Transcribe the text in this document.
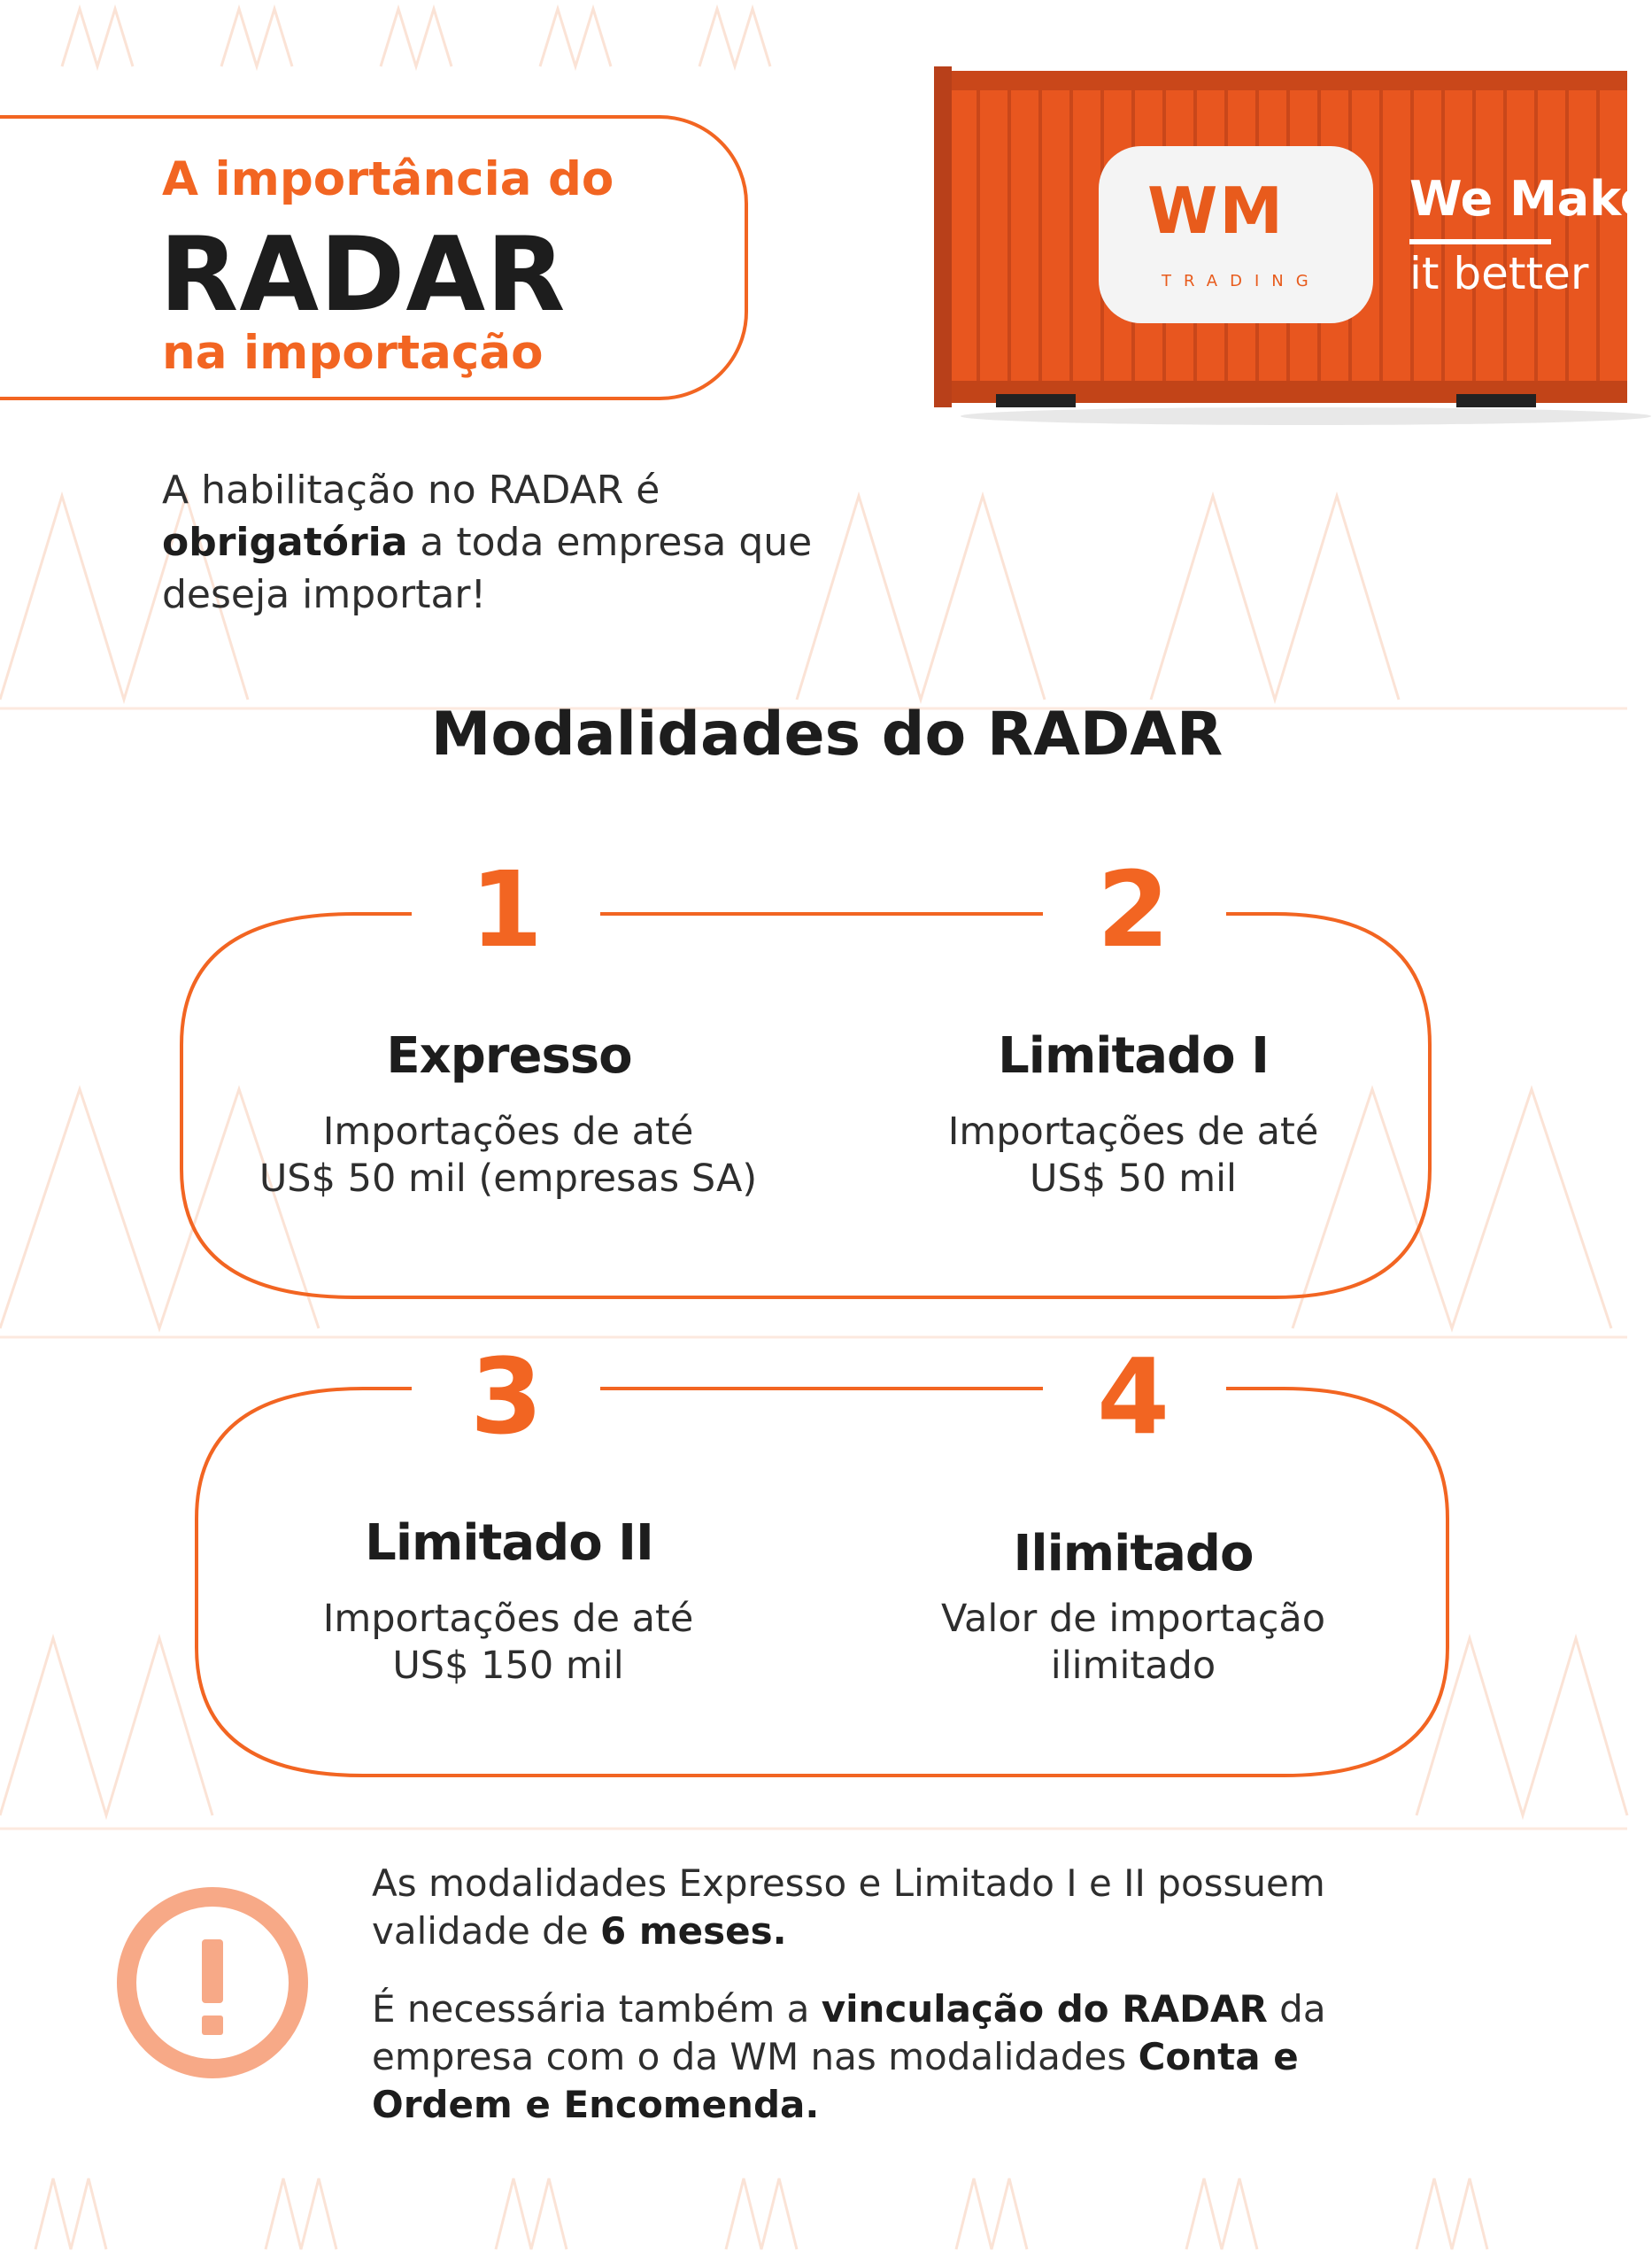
A importância do
RADAR
na importação
WM
TRADING
We Make
it better
A habilitação no RADAR é obrigatória a toda empresa que deseja importar!
Modalidades do RADAR
1
Expresso
Importações de até
US$ 50 mil (empresas SA)
2
Limitado I
Importações de até
US$ 50 mil
3
Limitado II
Importações de até
US$ 150 mil
4
Ilimitado
Valor de importação
ilimitado
As modalidades Expresso e Limitado I e II possuem validade de 6 meses.
É necessária também a vinculação do RADAR da empresa com o da WM nas modalidades Conta e Ordem e Encomenda.
